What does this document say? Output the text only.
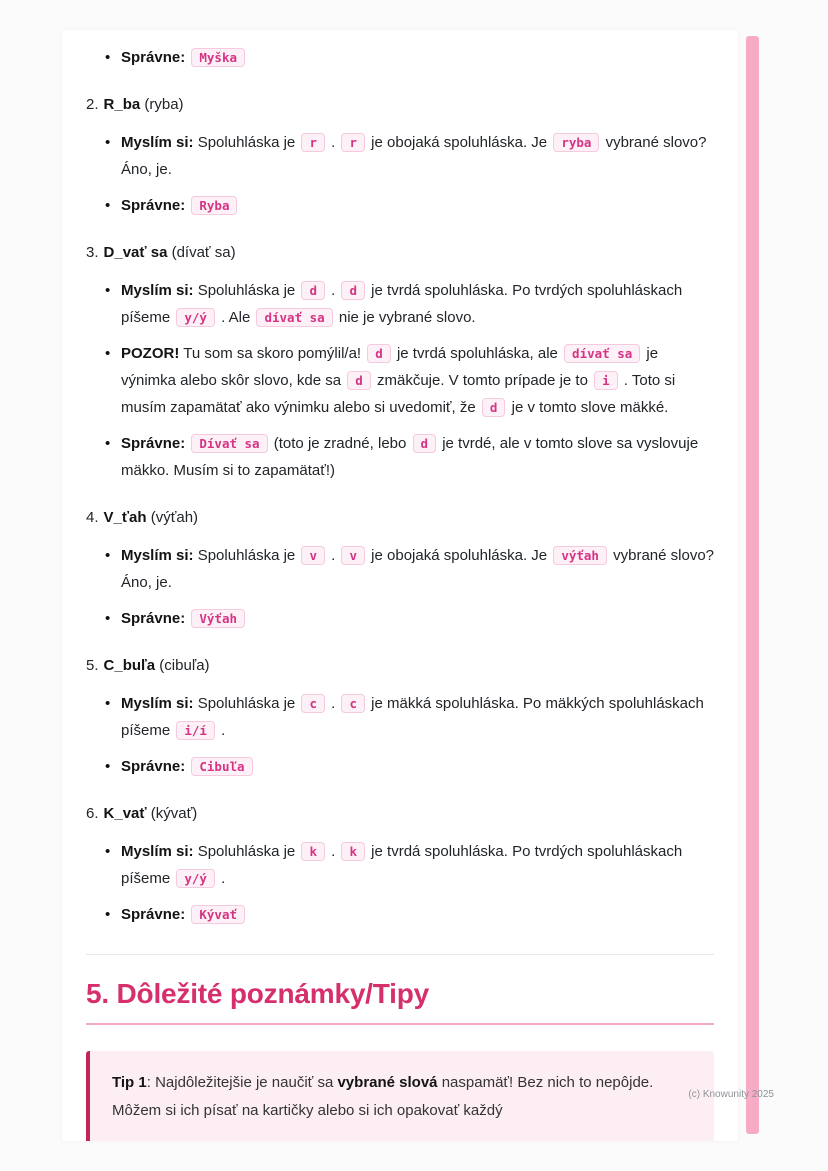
• Správne: Myška
2. R_ba (ryba)
• Myslím si: Spoluhláska je r . r je obojaká spoluhláska. Je ryba vybrané slovo? Áno, je.
• Správne: Ryba
3. D_vať sa (dívať sa)
• Myslím si: Spoluhláska je d . d je tvrdá spoluhláska. Po tvrdých spoluhláskach píšeme y/ý . Ale dívať sa nie je vybrané slovo.
• POZOR! Tu som sa skoro pomýlil/a! d je tvrdá spoluhláska, ale dívať sa je výnimka alebo skôr slovo, kde sa d zmäkčuje. V tomto prípade je to i . Toto si musím zapamätať ako výnimku alebo si uvedomiť, že d je v tomto slove mäkké.
• Správne: Dívať sa (toto je zradné, lebo d je tvrdé, ale v tomto slove sa vyslovuje mäkko. Musím si to zapamätať!)
4. V_ťah (výťah)
• Myslím si: Spoluhláska je v . v je obojaká spoluhláska. Je výťah vybrané slovo? Áno, je.
• Správne: Výťah
5. C_buľa (cibuľa)
• Myslím si: Spoluhláska je c . c je mäkká spoluhláska. Po mäkkých spoluhláskach píšeme i/í .
• Správne: Cibuľa
6. K_vať (kývať)
• Myslím si: Spoluhláska je k . k je tvrdá spoluhláska. Po tvrdých spoluhláskach píšeme y/ý .
• Správne: Kývať
5. Dôležité poznámky/Tipy
Tip 1: Najdôležitejšie je naučiť sa vybrané slová naspamäť! Bez nich to nepôjde. Môžem si ich písať na kartičky alebo si ich opakovať každý
(c) Knowunity 2025
